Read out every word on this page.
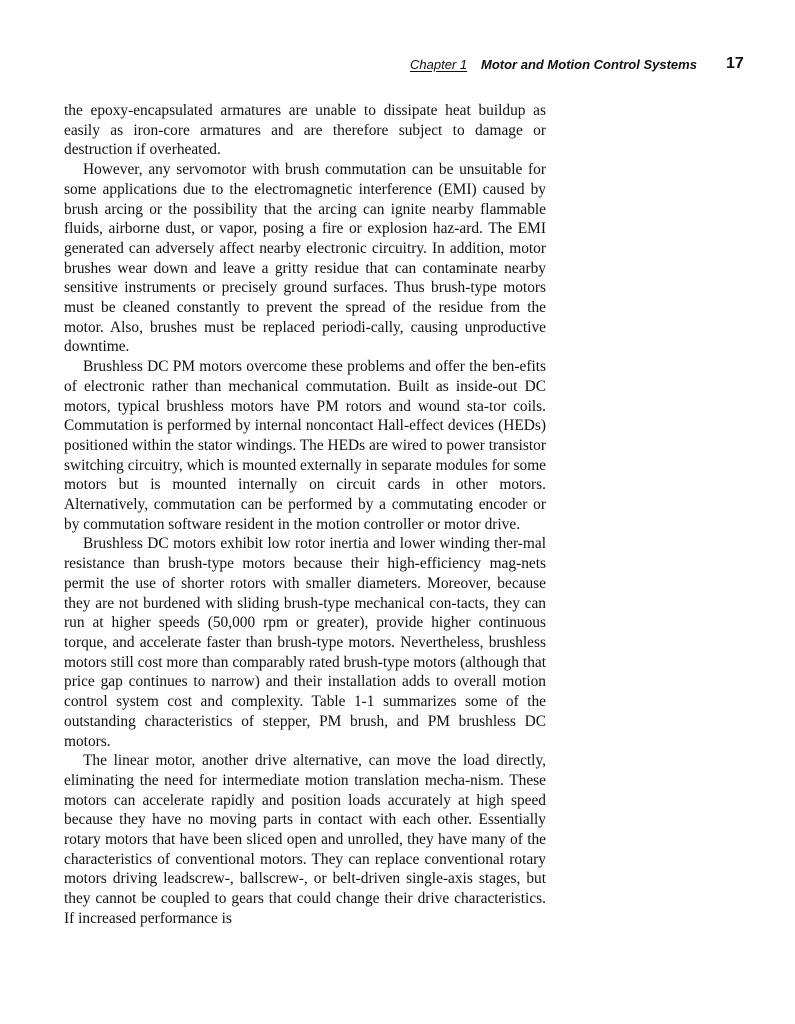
Chapter 1 Motor and Motion Control Systems 17

the epoxy-encapsulated armatures are unable to dissipate heat buildup as easily as iron-core armatures and are therefore subject to damage or destruction if overheated.

However, any servomotor with brush commutation can be unsuitable for some applications due to the electromagnetic interference (EMI) caused by brush arcing or the possibility that the arcing can ignite nearby flammable fluids, airborne dust, or vapor, posing a fire or explosion haz-ard. The EMI generated can adversely affect nearby electronic circuitry. In addition, motor brushes wear down and leave a gritty residue that can contaminate nearby sensitive instruments or precisely ground surfaces. Thus brush-type motors must be cleaned constantly to prevent the spread of the residue from the motor. Also, brushes must be replaced periodi-cally, causing unproductive downtime.

Brushless DC PM motors overcome these problems and offer the ben-efits of electronic rather than mechanical commutation. Built as inside-out DC motors, typical brushless motors have PM rotors and wound sta-tor coils. Commutation is performed by internal noncontact Hall-effect devices (HEDs) positioned within the stator windings. The HEDs are wired to power transistor switching circuitry, which is mounted externally in separate modules for some motors but is mounted internally on circuit cards in other motors. Alternatively, commutation can be performed by a commutating encoder or by commutation software resident in the motion controller or motor drive.

Brushless DC motors exhibit low rotor inertia and lower winding ther-mal resistance than brush-type motors because their high-efficiency mag-nets permit the use of shorter rotors with smaller diameters. Moreover, because they are not burdened with sliding brush-type mechanical con-tacts, they can run at higher speeds (50,000 rpm or greater), provide higher continuous torque, and accelerate faster than brush-type motors. Nevertheless, brushless motors still cost more than comparably rated brush-type motors (although that price gap continues to narrow) and their installation adds to overall motion control system cost and complexity. Table 1-1 summarizes some of the outstanding characteristics of stepper, PM brush, and PM brushless DC motors.

The linear motor, another drive alternative, can move the load directly, eliminating the need for intermediate motion translation mecha-nism. These motors can accelerate rapidly and position loads accurately at high speed because they have no moving parts in contact with each other. Essentially rotary motors that have been sliced open and unrolled, they have many of the characteristics of conventional motors. They can replace conventional rotary motors driving leadscrew-, ballscrew-, or belt-driven single-axis stages, but they cannot be coupled to gears that could change their drive characteristics. If increased performance is
